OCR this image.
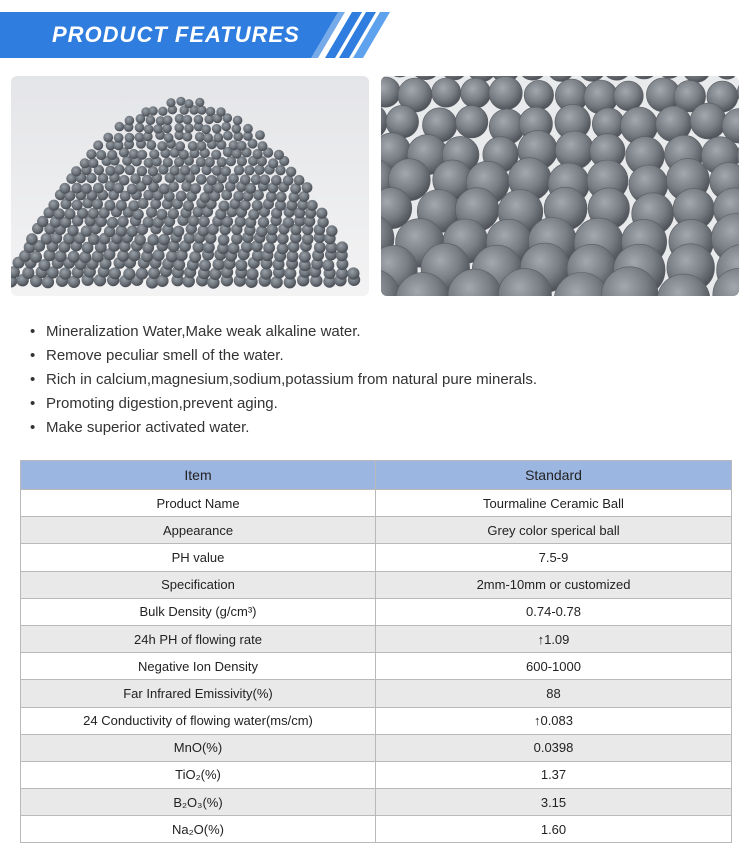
PRODUCT FEATURES
• Mineralization Water,Make weak alkaline water.
• Remove peculiar smell of the water.
• Rich in calcium,magnesium,sodium,potassium from natural pure minerals.
• Promoting digestion,prevent aging.
• Make superior activated water.
Item	Standard
Product Name	Tourmaline Ceramic Ball
Appearance	Grey color sperical ball
PH value	7.5-9
Specification	2mm-10mm or customized
Bulk Density (g/cm³)	0.74-0.78
24h PH of flowing rate	↑1.09
Negative Ion Density	600-1000
Far Infrared Emissivity(%)	88
24 Conductivity of flowing water(ms/cm)	↑0.083
MnO(%)	0.0398
TiO₂(%)	1.37
B₂O₃(%)	3.15
Na₂O(%)	1.60
